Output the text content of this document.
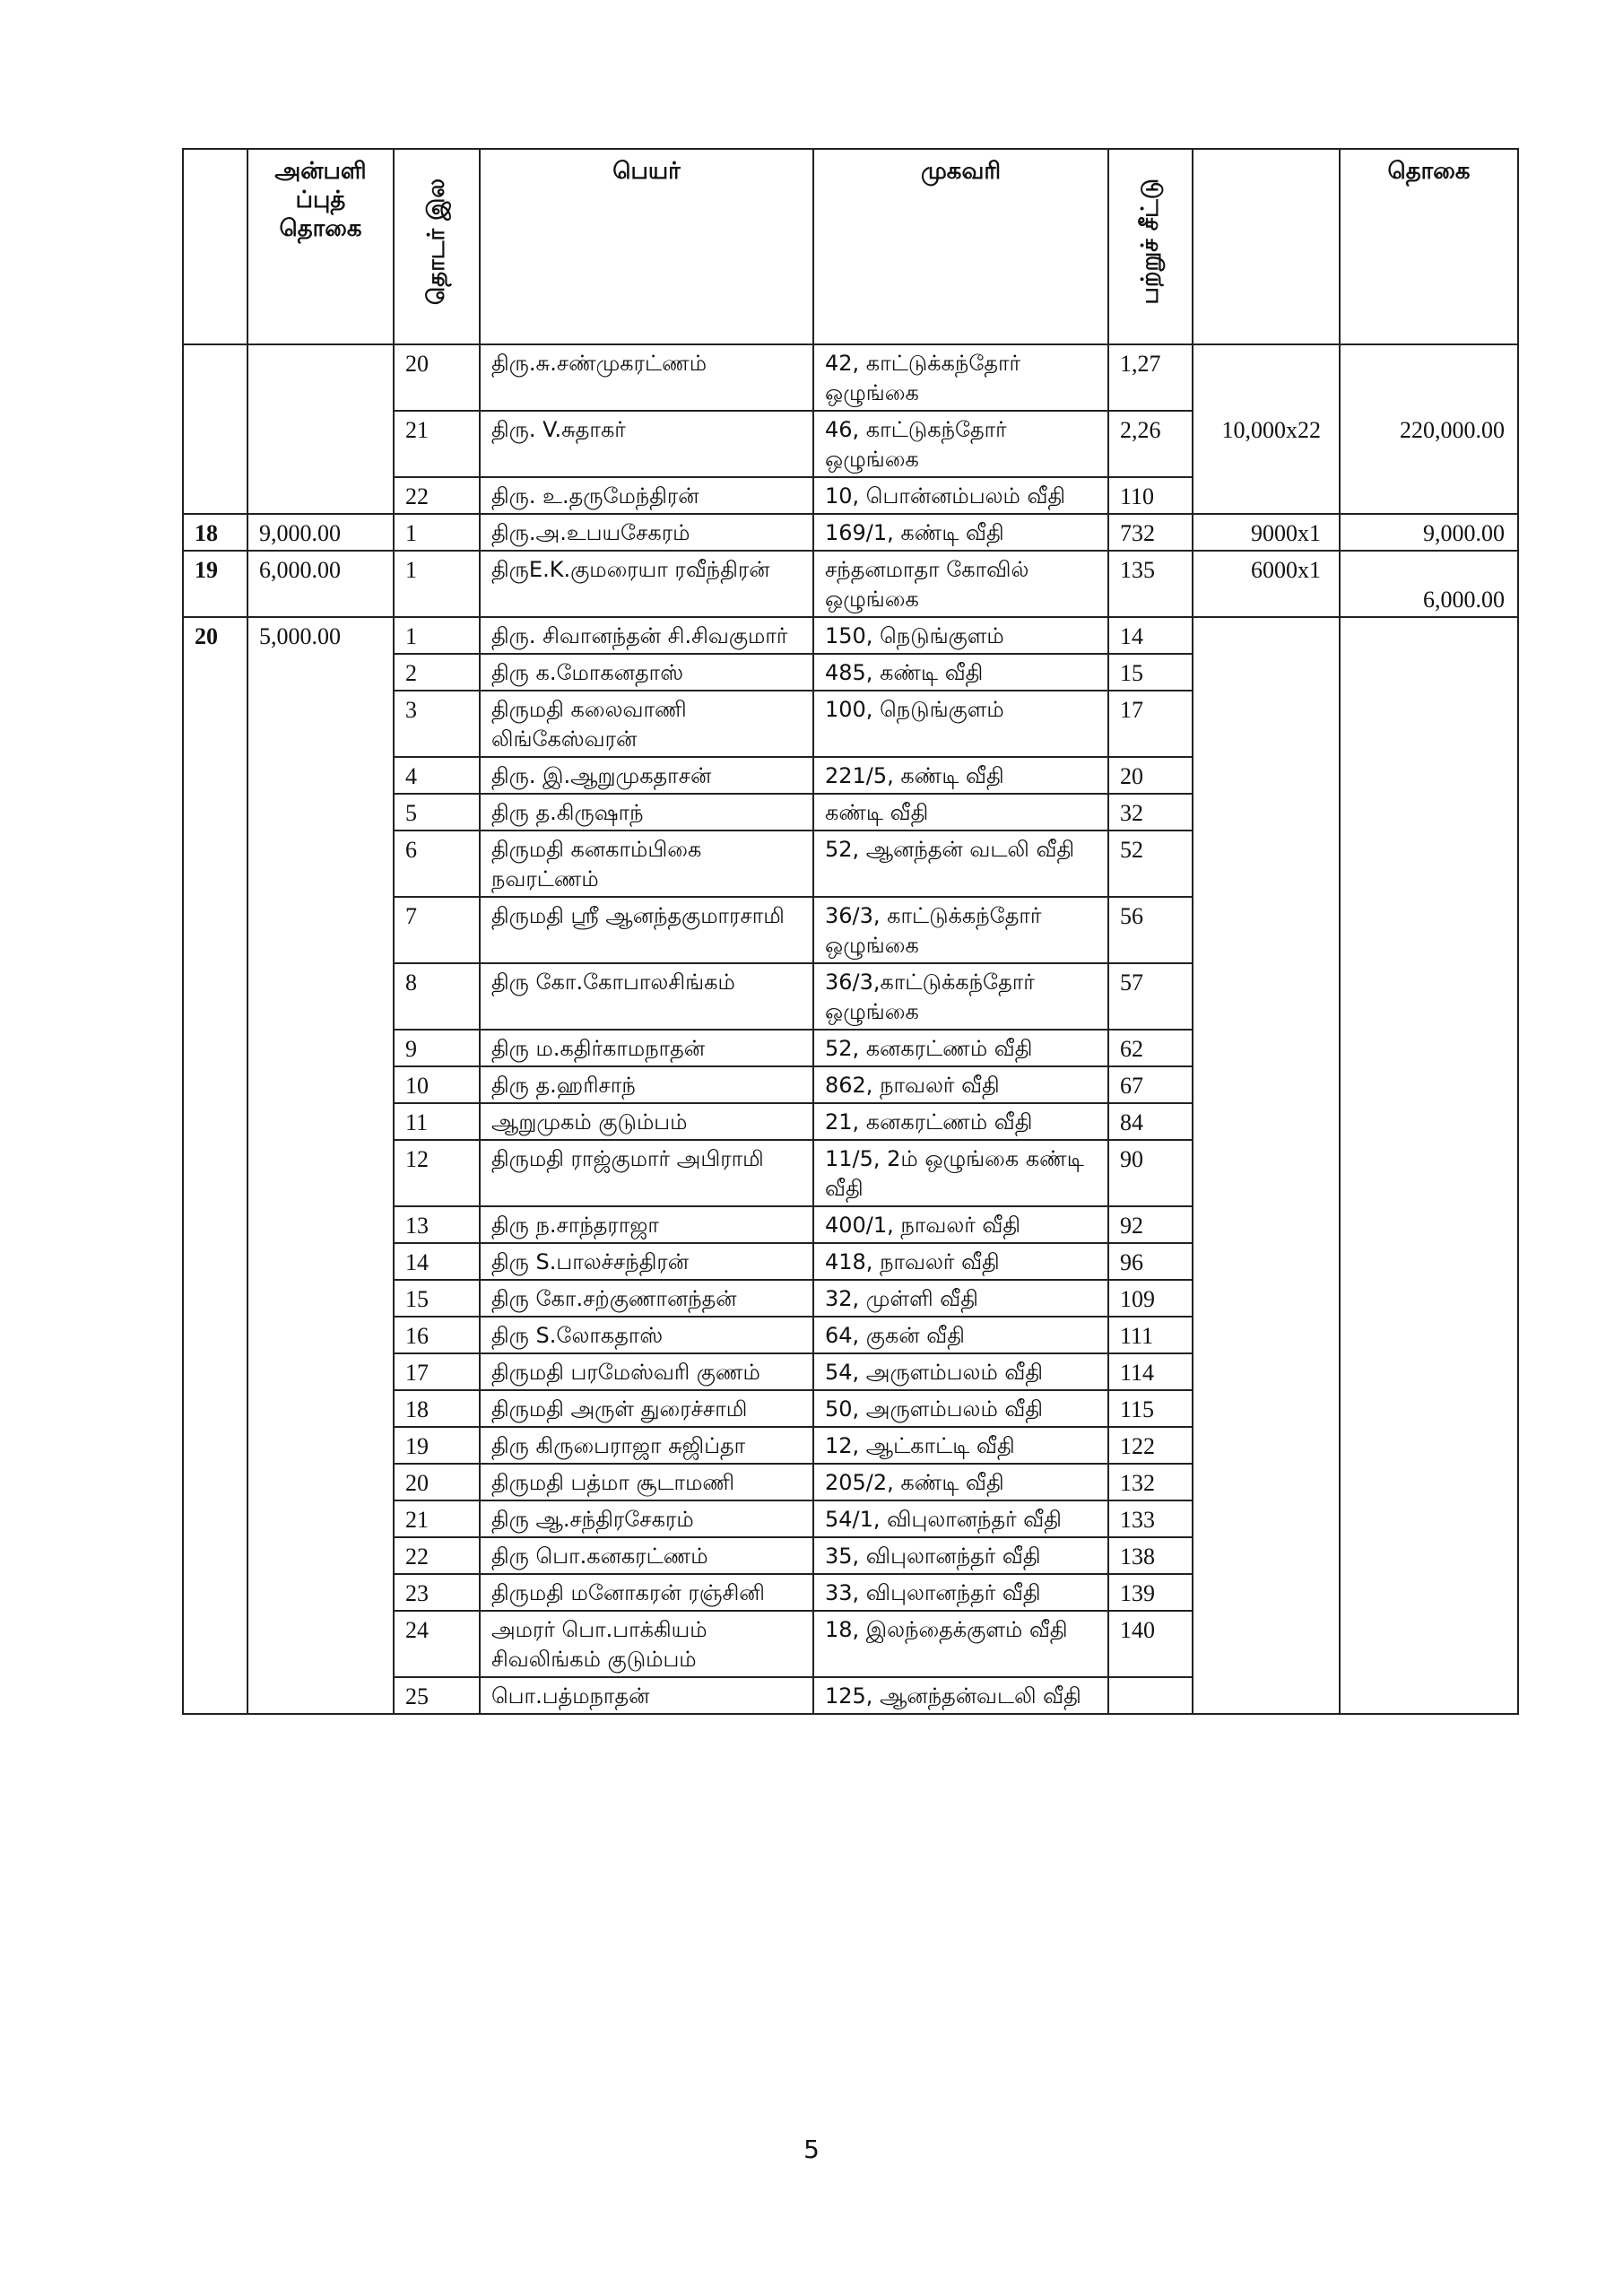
	அன்பளி ப்புத் தொகை	தொடர் இல	பெயர்	முகவரி	பற்றுச் சீட்டு		தொகை
		20	திரு.சு.சண்முகரட்ணம்	42, காட்டுக்கந்தோர் ஒழுங்கை	1,27	10,000x22	220,000.00
		21	திரு. V.சுதாகர்	46, காட்டுகந்தோர் ஒழுங்கை	2,26		
		22	திரு. உ.தருமேந்திரன்	10, பொன்னம்பலம் வீதி	110		
18	9,000.00	1	திரு.அ.உபயசேகரம்	169/1, கண்டி வீதி	732	9000x1	9,000.00
19	6,000.00	1	திருE.K.குமரையா ரவீந்திரன்	சந்தனமாதா கோவில் ஒழுங்கை	135	6000x1	6,000.00
20	5,000.00	1	திரு. சிவானந்தன் சி.சிவகுமார்	150, நெடுங்குளம்	14		
		2	திரு க.மோகனதாஸ்	485, கண்டி வீதி	15		
		3	திருமதி கலைவாணி லிங்கேஸ்வரன்	100, நெடுங்குளம்	17		
		4	திரு. இ.ஆறுமுகதாசன்	221/5, கண்டி வீதி	20		
		5	திரு த.கிருஷாந்	கண்டி வீதி	32		
		6	திருமதி கனகாம்பிகை நவரட்ணம்	52, ஆனந்தன் வடலி வீதி	52		
		7	திருமதி ஸ்ரீ ஆனந்தகுமாரசாமி	36/3, காட்டுக்கந்தோர் ஒழுங்கை	56		
		8	திரு கோ.கோபாலசிங்கம்	36/3,காட்டுக்கந்தோர் ஒழுங்கை	57		
		9	திரு ம.கதிர்காமநாதன்	52, கனகரட்ணம் வீதி	62		
		10	திரு த.ஹரிசாந்	862, நாவலர் வீதி	67		
		11	ஆறுமுகம் குடும்பம்	21, கனகரட்ணம் வீதி	84		
		12	திருமதி ராஜ்குமார் அபிராமி	11/5, 2ம் ஒழுங்கை கண்டி வீதி	90		
		13	திரு ந.சாந்தராஜா	400/1, நாவலர் வீதி	92		
		14	திரு S.பாலச்சந்திரன்	418, நாவலர் வீதி	96		
		15	திரு கோ.சற்குணானந்தன்	32, முள்ளி வீதி	109		
		16	திரு S.லோகதாஸ்	64, குகன் வீதி	111		
		17	திருமதி பரமேஸ்வரி குணம்	54, அருளம்பலம் வீதி	114		
		18	திருமதி அருள் துரைச்சாமி	50, அருளம்பலம் வீதி	115		
		19	திரு கிருபைராஜா சுஜிப்தா	12, ஆட்காட்டி வீதி	122		
		20	திருமதி பத்மா சூடாமணி	205/2, கண்டி வீதி	132		
		21	திரு ஆ.சந்திரசேகரம்	54/1, விபுலானந்தர் வீதி	133		
		22	திரு பொ.கனகரட்ணம்	35, விபுலானந்தர் வீதி	138		
		23	திருமதி மனோகரன் ரஞ்சினி	33, விபுலானந்தர் வீதி	139		
		24	அமரர் பொ.பாக்கியம் சிவலிங்கம் குடும்பம்	18, இலந்தைக்குளம் வீதி	140		
		25	பொ.பத்மநாதன்	125, ஆனந்தன்வடலி வீதி			
5
